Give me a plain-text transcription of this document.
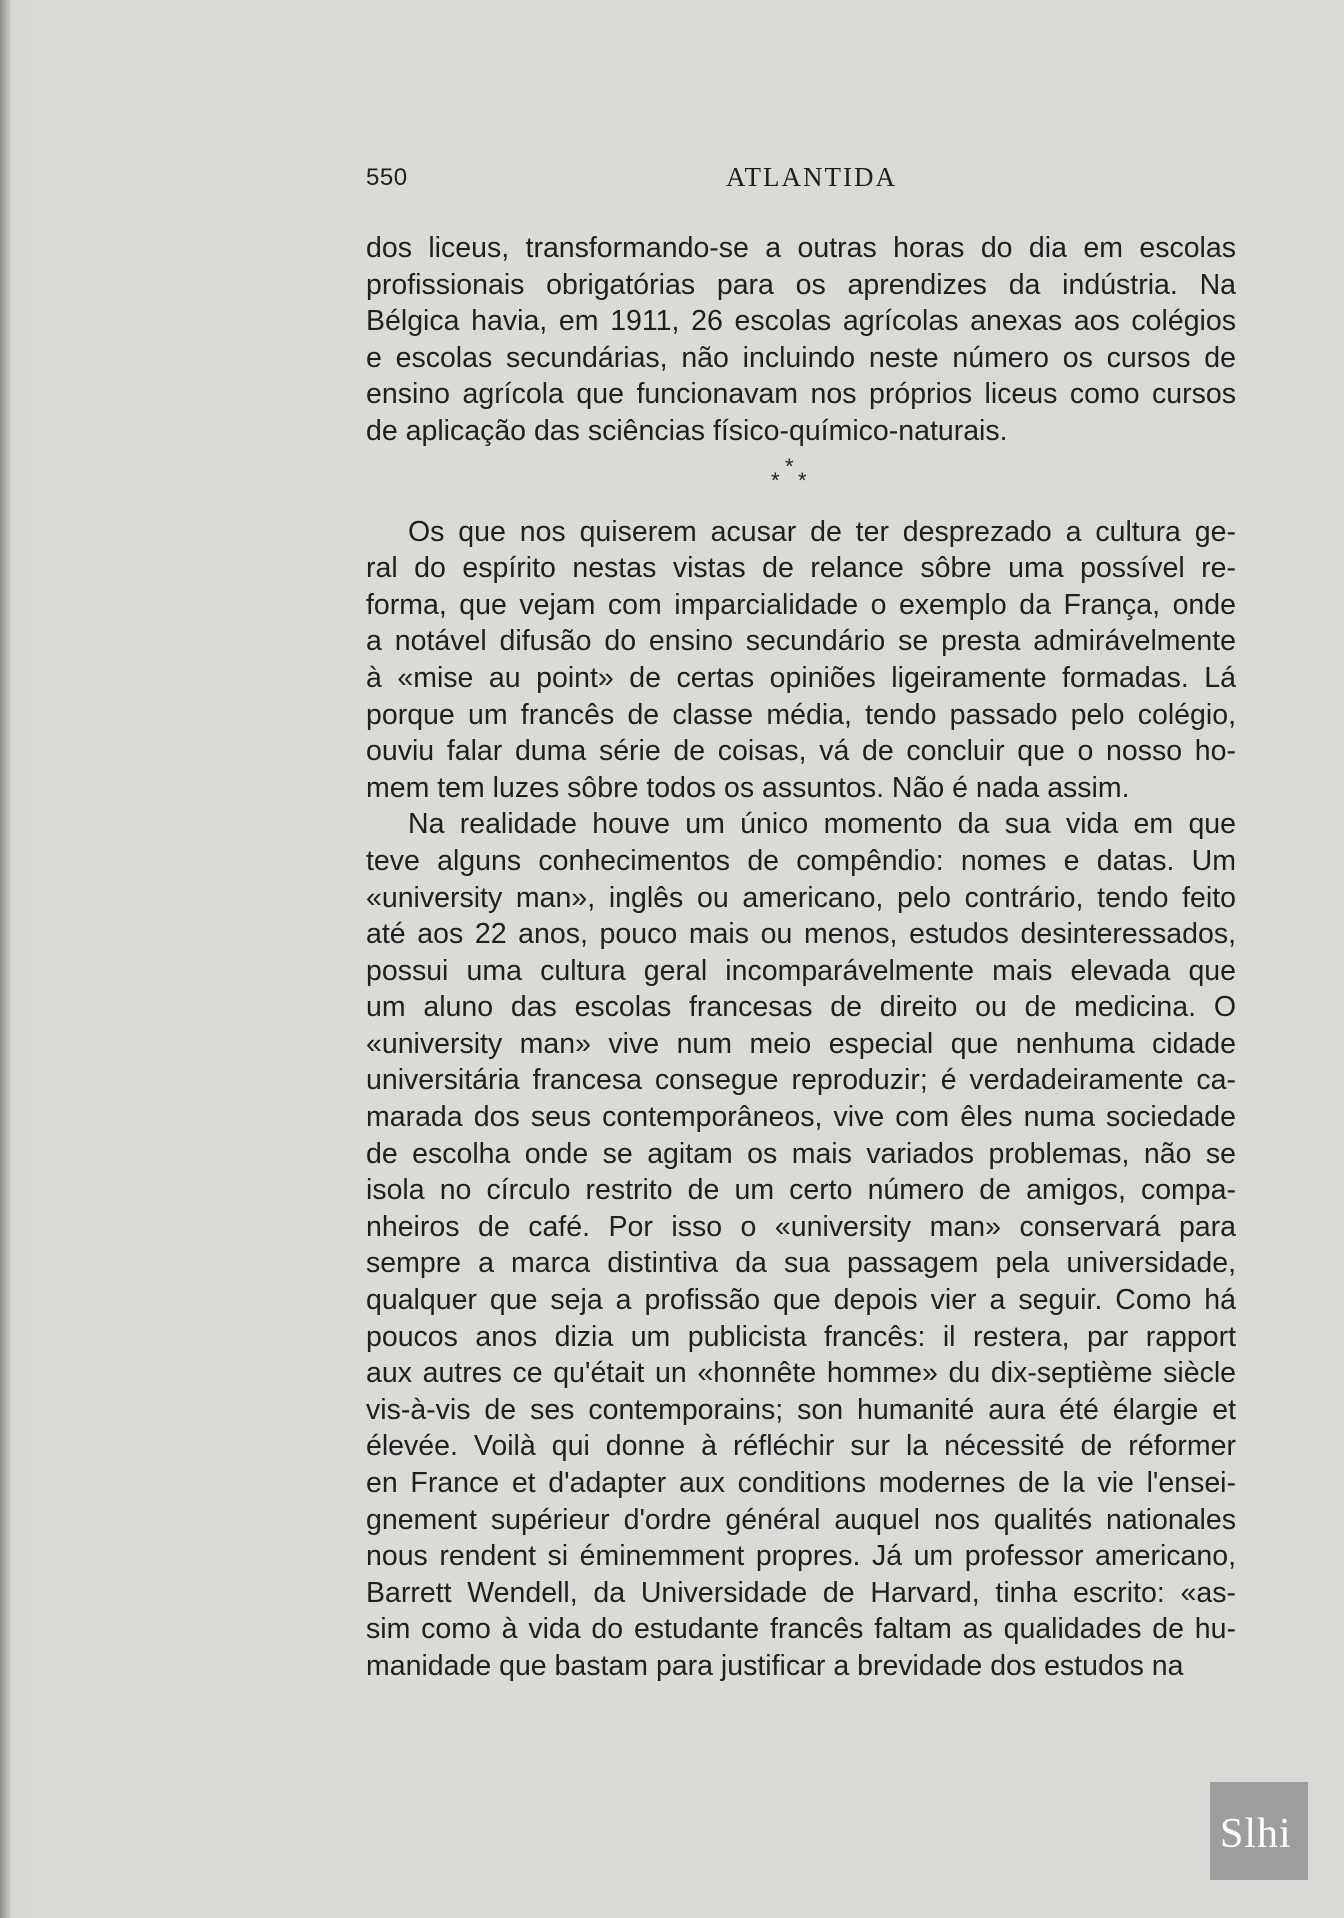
550	ATLANTIDA
dos liceus, transformando-se a outras horas do dia em escolas
profissionais obrigatórias para os aprendizes da indústria. Na
Bélgica havia, em 1911, 26 escolas agrícolas anexas aos colégios
e escolas secundárias, não incluindo neste número os cursos de
ensino agrícola que funcionavam nos próprios liceus como cursos
de aplicação das sciências físico-químico-naturais.
*
* *
Os que nos quiserem acusar de ter desprezado a cultura ge-
ral do espírito nestas vistas de relance sôbre uma possível re-
forma, que vejam com imparcialidade o exemplo da França, onde
a notável difusão do ensino secundário se presta admirávelmente
à «mise au point» de certas opiniões ligeiramente formadas. Lá
porque um francês de classe média, tendo passado pelo colégio,
ouviu falar duma série de coisas, vá de concluir que o nosso ho-
mem tem luzes sôbre todos os assuntos. Não é nada assim.
Na realidade houve um único momento da sua vida em que
teve alguns conhecimentos de compêndio: nomes e datas. Um
«university man», inglês ou americano, pelo contrário, tendo feito
até aos 22 anos, pouco mais ou menos, estudos desinteressados,
possui uma cultura geral incomparávelmente mais elevada que
um aluno das escolas francesas de direito ou de medicina. O
«university man» vive num meio especial que nenhuma cidade
universitária francesa consegue reproduzir; é verdadeiramente ca-
marada dos seus contemporâneos, vive com êles numa sociedade
de escolha onde se agitam os mais variados problemas, não se
isola no círculo restrito de um certo número de amigos, compa-
nheiros de café. Por isso o «university man» conservará para
sempre a marca distintiva da sua passagem pela universidade,
qualquer que seja a profissão que depois vier a seguir. Como há
poucos anos dizia um publicista francês: il restera, par rapport
aux autres ce qu'était un «honnête homme» du dix-septième siècle
vis-à-vis de ses contemporains; son humanité aura été élargie et
élevée. Voilà qui donne à réfléchir sur la nécessité de réformer
en France et d'adapter aux conditions modernes de la vie l'ensei-
gnement supérieur d'ordre général auquel nos qualités nationales
nous rendent si éminemment propres. Já um professor americano,
Barrett Wendell, da Universidade de Harvard, tinha escrito: «as-
sim como à vida do estudante francês faltam as qualidades de hu-
manidade que bastam para justificar a brevidade dos estudos na
Slhi
